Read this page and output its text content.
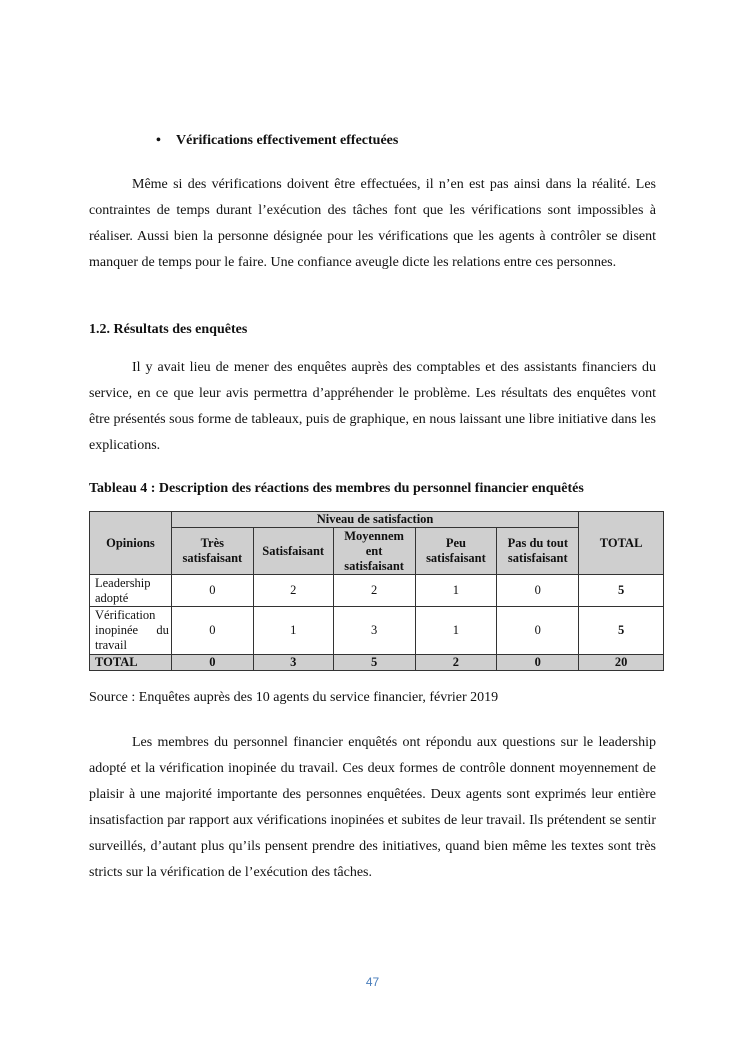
• Vérifications effectivement effectuées

Même si des vérifications doivent être effectuées, il n’en est pas ainsi dans la réalité. Les contraintes de temps durant l’exécution des tâches font que les vérifications sont impossibles à réaliser. Aussi bien la personne désignée pour les vérifications que les agents à contrôler se disent manquer de temps pour le faire. Une confiance aveugle dicte les relations entre ces personnes.

1.2. Résultats des enquêtes

Il y avait lieu de mener des enquêtes auprès des comptables et des assistants financiers du service, en ce que leur avis permettra d’appréhender le problème. Les résultats des enquêtes vont être présentés sous forme de tableaux, puis de graphique, en nous laissant une libre initiative dans les explications.

Tableau 4 : Description des réactions des membres du personnel financier enquêtés
Opinions	Niveau de satisfaction					TOTAL
	Très satisfaisant	Satisfaisant	Moyennem ent satisfaisant	Peu satisfaisant	Pas du tout satisfaisant	
Leadership adopté	0	2	2	1	0	5
Vérification inopinée du travail	0	1	3	1	0	5
TOTAL	0	3	5	2	0	20
Source : Enquêtes auprès des 10 agents du service financier, février 2019

Les membres du personnel financier enquêtés ont répondu aux questions sur le leadership adopté et la vérification inopinée du travail. Ces deux formes de contrôle donnent moyennement de plaisir à une majorité importante des personnes enquêtées. Deux agents sont exprimés leur entière insatisfaction par rapport aux vérifications inopinées et subites de leur travail. Ils prétendent se sentir surveillés, d’autant plus qu’ils pensent prendre des initiatives, quand bien même les textes sont très stricts sur la vérification de l’exécution des tâches.

47
